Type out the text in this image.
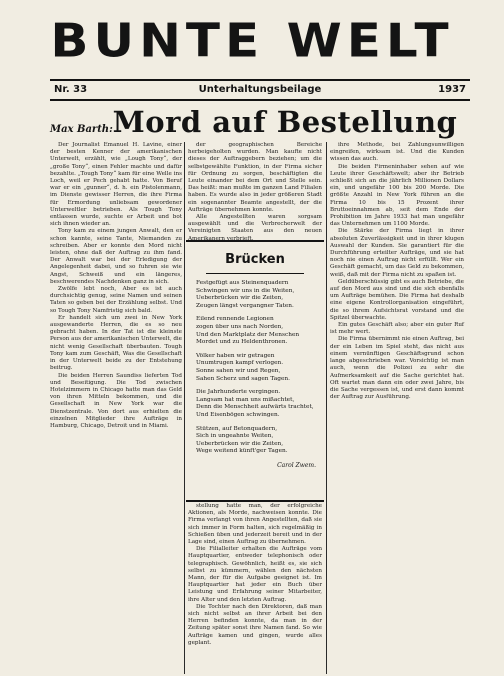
BUNTE WELT
Nr. 33	Unterhaltungsbeilage	1937
Max Barth: Mord auf Bestellung

Der Journalist Emanuel H. Lavine, einer der besten Kenner der amerikanischen Unterwelt, erzählt, wie „Lough Tony“, der „große Tony“, einen Fehler machte und dafür bezahlte. „Tough Tony“ kam für eine Welle ins Loch, weil er Pech gehabt hatte. Von Beruf war er ein „gunner“, d. h. ein Pistolenmann, im Dienste gewisser Herren, die ihre Firma für Ermordung unliebsam gewordener Unterweltler betrieben. Als Tough Tony entlassen wurde, suchte er Arbeit und bot sich ihnen wieder an.

Tony kam zu einem jungen Anwalt, den er schon kannte, seine Tante, Niemanden zu schreiben. Aber er konnte den Mord nicht leisten, ohne daß der Auftrag zu ihm fand. Der Anwalt war bei der Erledigung der Angelegenheit dabei, und so fuhren sie wie Angst, Schweiß und ein längeres, beschwerendes Nachdenken ganz in sich.

Zwölfe lebt noch, Aber es ist auch durchsichtig genug, seine Namen und seinen Taten so geben bei der Erzählung selbst. Und so Tough Tony Namfristig sich bald.

Er handelt sich um zwei in New York ausgewanderte Herren, die es so neu gebracht haben. In der Tat ist die kleinste Person aus der amerikanischen Unterwelt, die nicht wenig Gesellschaft überbauten. Tough Tony kam zum Geschäft, Was die Gesellschaft in der Unterwelt beide zu der Entstehung beitrug.

Die beiden Herren Saundiss lieferten Tod und Beseitigung. Die Tod zwischen Hotelzimmern in Chicago hatte man das Geld von ihren Mitteln bekommen, und die Gesellschaft in New York war die Dienstzentrale. Von dort aus erhielten die einzelnen Mitglieder ihre Aufträge in Hamburg, Chicago, Detroit und in Miami.

der geographischen Bereiche herbeigeholten wurden. Man kaufte nicht dieses der Auftraggebern beziehen; um die selbstgewählte Funktion, in der Firma sicher für Ordnung zu sorgen, beschäftigten die Leute einander bei dem Ort und Stelle sein. Das heißt: man mußte im ganzen Land Filialen haben. Es wurde also in jeder größeren Stadt ein sogenannter Beamte angestellt, der die Aufträge übernehmen konnte.

Alle Angestellten waren sorgsam ausgewählt und die Verbrecherwelt der Vereinigten Staaten aus den neuen Amerikanern verbrieft.

Brücken
Festgefügt aus Steinenquadern
Schwingen wir uns in die Weiten,
Ueberbrücken wir die Zeiten,
Zeugen längst vergangner Taten.
Eilend rennende Legionen
zogen über uns nach Norden,
Und den Marktplatz der Menschen
Mordet und zu Heldenthronen.
Völker haben wir getragen
Unumtrugen kampf verlogen.
Sonne sahen wir und Regen,
Sahen Scherz und sagen Tagen.
Die Jahrhunderte vergingen.
Langsam hat man uns mißachtet,
Denn die Menschheit aufwärts trachtet,
Und Eisenbögen schwingen.
Stützen, auf Betonquadern,
Sich in ungeahnte Weiten,
Ueberbrücken wir die Zeiten,
Wege weitend künft'ger Tagen.
Carol Zwem.

stellung hatte man, der erfolgreiche Aktionen, als Morde, nachweisen konnte. Die Firma verlangt von ihren Angestellten, daß sie sich immer in Form halten, sich regelmäßig in Schießen üben und jederzeit bereit und in der Lage sind, einen Auftrag zu übernehmen.

Die Filialleiter erhalten die Aufträge vom Hauptquartier, entweder telephonisch oder telegraphisch. Gewöhnlich, heißt es, sie sich selbst zu kümmern, wählen den nächsten Mann, der für die Aufgabe geeignet ist. Im Hauptquartier hat jeder ein Buch über Leistung und Erfahrung seiner Mitarbeiter, ihre Alter und den letzten Auftrag.

Die Tochter nach den Direktoren, daß man sich nicht selbst an ihrer Arbeit bei den Herren befinden konnte, da man in der Zeitung später sonst ihre Namen fand. So wie Aufträge kamen und gingen, wurde alles geplant.

ihre Methode, bei Zahlungsunwilligen eingreifen, wirksam ist. Und die Kunden wissen das auch.

Die beiden Firmeninhaber sehen auf wie Leute ihrer Geschäftswelt; aber ihr Betrieb schließt sich an die jährlich Millionen Dollars ein, und ungefähr 100 bis 200 Morde. Die größte Anzahl in New York führen an die Firma 10 bis 15 Prozent ihrer Bruttoeinnahmen ab, seit dem Ende der Prohibition im Jahre 1933 hat man ungefähr das Unternehmen um 1100 Morde.

Die Stärke der Firma liegt in ihrer absoluten Zuverlässigkeit und in ihrer klugen Auswahl der Kunden. Sie garantiert für die Durchführung erteilter Aufträge, und sie hat noch nie einen Auftrag nicht erfüllt. Wer ein Geschäft gemacht, um das Geld zu bekommen, weiß, daß mit der Firma nicht zu spaßen ist.

Geldüberschüssig gibt es auch Betriebe, die auf den Mord aus sind und die sich ebenfalls um Aufträge bemühen. Die Firma hat deshalb eine eigene Kontrollorganisation eingeführt, die so ihrem Aufsichtsrat vorstand und die Spitzel überwachte.

Ein gutes Geschäft also; aber ein guter Ruf ist mehr wert.

Die Firma übernimmt nie einen Auftrag, bei der ein Leben im Spiel steht, das nicht aus einem vernünftigen Geschäftsgrund schon lange abgeschrieben war. Vorsichtig ist man auch, wenn die Polizei zu sehr die Aufmerksamkeit auf die Sache gerichtet hat. Oft wartet man dann ein oder zwei Jahre, bis die Sache vergessen ist, und erst dann kommt der Auftrag zur Ausführung.
